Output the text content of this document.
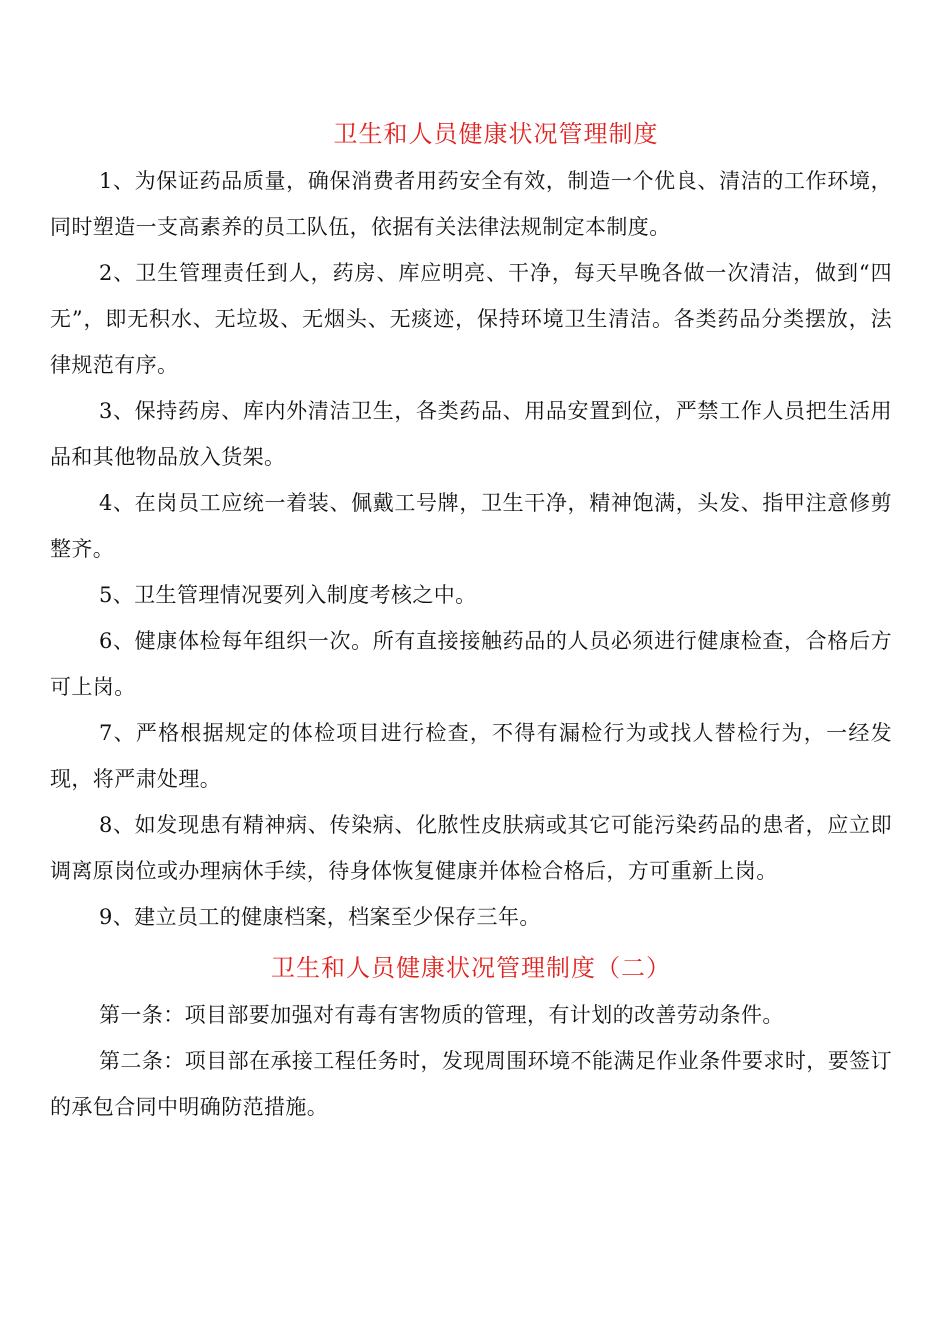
卫生和人员健康状况管理制度

1、为保证药品质量，确保消费者用药安全有效，制造一个优良、清洁的工作环境，同时塑造一支高素养的员工队伍，依据有关法律法规制定本制度。

2、卫生管理责任到人，药房、库应明亮、干净，每天早晚各做一次清洁，做到“四无”，即无积水、无垃圾、无烟头、无痰迹，保持环境卫生清洁。各类药品分类摆放，法律规范有序。

3、保持药房、库内外清洁卫生，各类药品、用品安置到位，严禁工作人员把生活用品和其他物品放入货架。

4、在岗员工应统一着装、佩戴工号牌，卫生干净，精神饱满，头发、指甲注意修剪整齐。

5、卫生管理情况要列入制度考核之中。

6、健康体检每年组织一次。所有直接接触药品的人员必须进行健康检查，合格后方可上岗。

7、严格根据规定的体检项目进行检查，不得有漏检行为或找人替检行为，一经发现，将严肃处理。

8、如发现患有精神病、传染病、化脓性皮肤病或其它可能污染药品的患者，应立即调离原岗位或办理病休手续，待身体恢复健康并体检合格后，方可重新上岗。

9、建立员工的健康档案，档案至少保存三年。

卫生和人员健康状况管理制度（二）

第一条：项目部要加强对有毒有害物质的管理，有计划的改善劳动条件。

第二条：项目部在承接工程任务时，发现周围环境不能满足作业条件要求时，要签订的承包合同中明确防范措施。
